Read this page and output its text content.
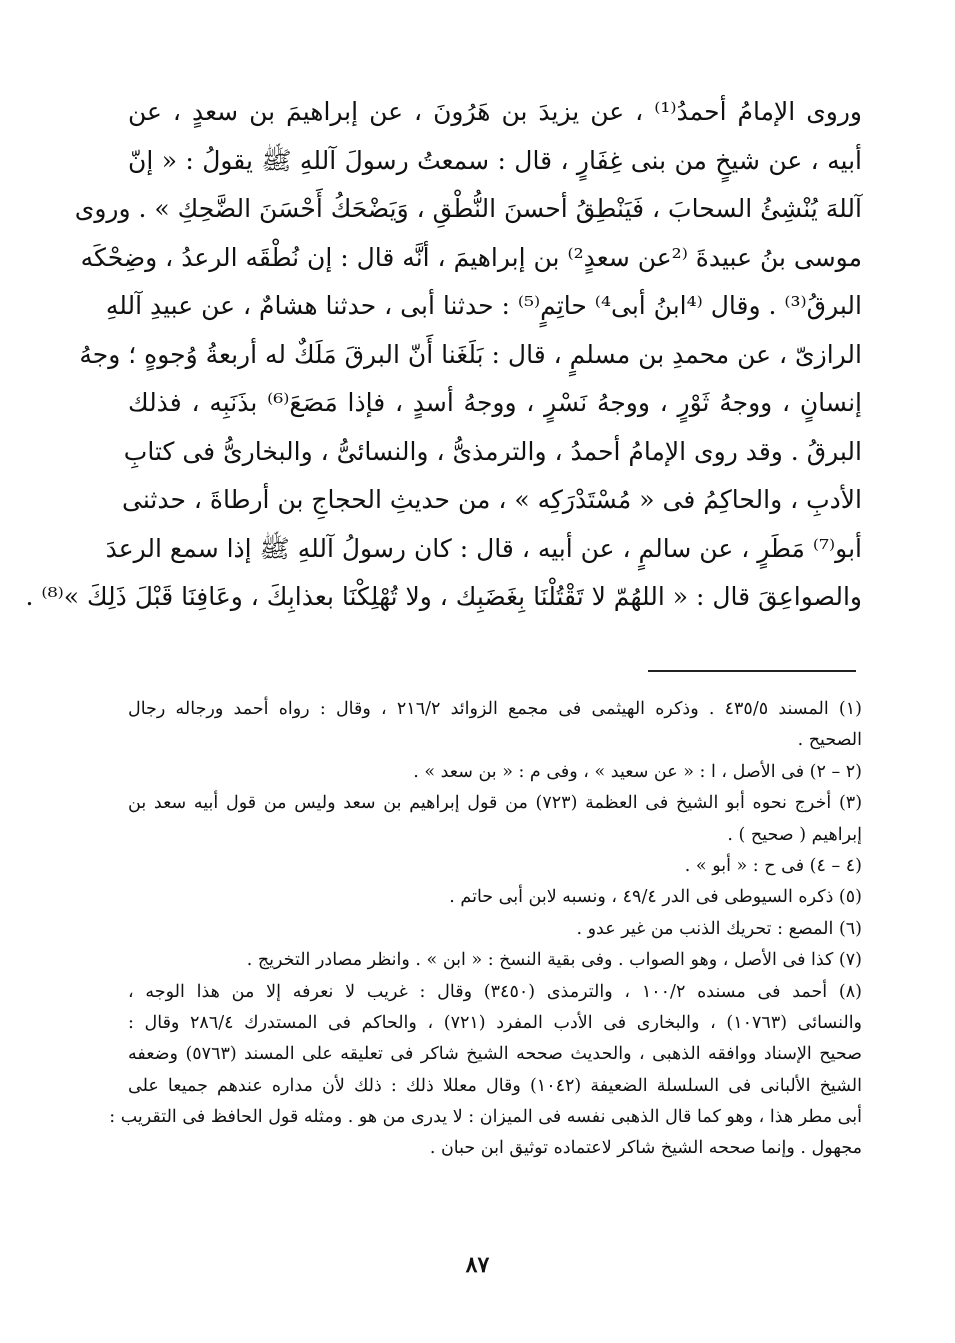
وروى الإمامُ أحمدُ⁽¹⁾ ، عن يزيدَ بن هَرُونَ ، عن إبراهيمَ بن سعدٍ ، عن
أبيه ، عن شيخٍ من بنى غِفَارٍ ، قال : سمعتُ رسولَ آللهِ ﷺ يقولُ : « إنّ
آللهَ يُنْشِئُ السحابَ ، فَيَنْطِقُ أحسنَ النُّطْقِ ، وَيَضْحَكُ أَحْسَنَ الضَّحِكِ » . وروى
موسى بنُ عبيدةَ ⁽²عن سعدٍ²⁾ بن إبراهيمَ ، أنَّه قال : إن نُطْقَه الرعدُ ، وضِحْكَه
البرقُ⁽³⁾ . وقال ⁽⁴ابنُ أبى⁴⁾ حاتِمٍ⁽⁵⁾ : حدثنا أبى ، حدثنا هشامٌ ، عن عبيدِ آللهِ
الرازىّ ، عن محمدِ بن مسلمٍ ، قال : بَلَغَنا أَنّ البرقَ مَلَكٌ له أربعةُ وُجوهٍ ؛ وجهُ
إنسانٍ ، ووجهُ ثَوْرٍ ، ووجهُ نَسْرٍ ، ووجهُ أسدٍ ، فإذا مَصَعَ⁽⁶⁾ بذَنَبِه ، فذلك
البرقُ . وقد روى الإمامُ أحمدُ ، والترمذىُّ ، والنسائىُّ ، والبخارىُّ فى كتابِ
الأدبِ ، والحاكِمُ فى « مُسْتَدْرَكِه » ، من حديثِ الحجاجِ بن أرطاةَ ، حدثنى
أبو⁽⁷⁾ مَطَرٍ ، عن سالمٍ ، عن أبيه ، قال : كان رسولُ آللهِ ﷺ إذا سمع الرعدَ
والصواعِقَ قال : « اللهُمّ لا تَقْتُلْنَا بِغَضَبِك ، ولا تُهْلِكْنَا بعذابِكَ ، وعَافِنَا قَبْلَ ذَلِكَ »⁽⁸⁾ .
(١) المسند ٤٣٥/٥ . وذكره الهيثمى فى مجمع الزوائد ٢١٦/٢ ، وقال : رواه أحمد ورجاله رجال
الصحيح .
(٢ – ٢) فى الأصل ، ا : « عن سعيد » ، وفى م : « بن سعد » .
(٣) أخرج نحوه أبو الشيخ فى العظمة (٧٢٣) من قول إبراهيم بن سعد وليس من قول أبيه سعد بن
إبراهيم ( صحيح ) .
(٤ – ٤) فى ح : « أبو » .
(٥) ذكره السيوطى فى الدر ٤٩/٤ ، ونسبه لابن أبى حاتم .
(٦) المصع : تحريك الذنب من غير عدو .
(٧) كذا فى الأصل ، وهو الصواب . وفى بقية النسخ : « ابن » . وانظر مصادر التخريج .
(٨) أحمد فى مسنده ١٠٠/٢ ، والترمذى (٣٤٥٠) وقال : غريب لا نعرفه إلا من هذا الوجه ،
والنسائى (١٠٧٦٣) ، والبخارى فى الأدب المفرد (٧٢١) ، والحاكم فى المستدرك ٢٨٦/٤ وقال :
صحيح الإسناد ووافقه الذهبى ، والحديث صححه الشيخ شاكر فى تعليقه على المسند (٥٧٦٣) وضعفه
الشيخ الألبانى فى السلسلة الضعيفة (١٠٤٢) وقال معللا ذلك : ذلك لأن مداره عندهم جميعا على
أبى مطر هذا ، وهو كما قال الذهبى نفسه فى الميزان : لا يدرى من هو . ومثله قول الحافظ فى التقريب :
مجهول . وإنما صححه الشيخ شاكر لاعتماده توثيق ابن حبان .
٨٧
